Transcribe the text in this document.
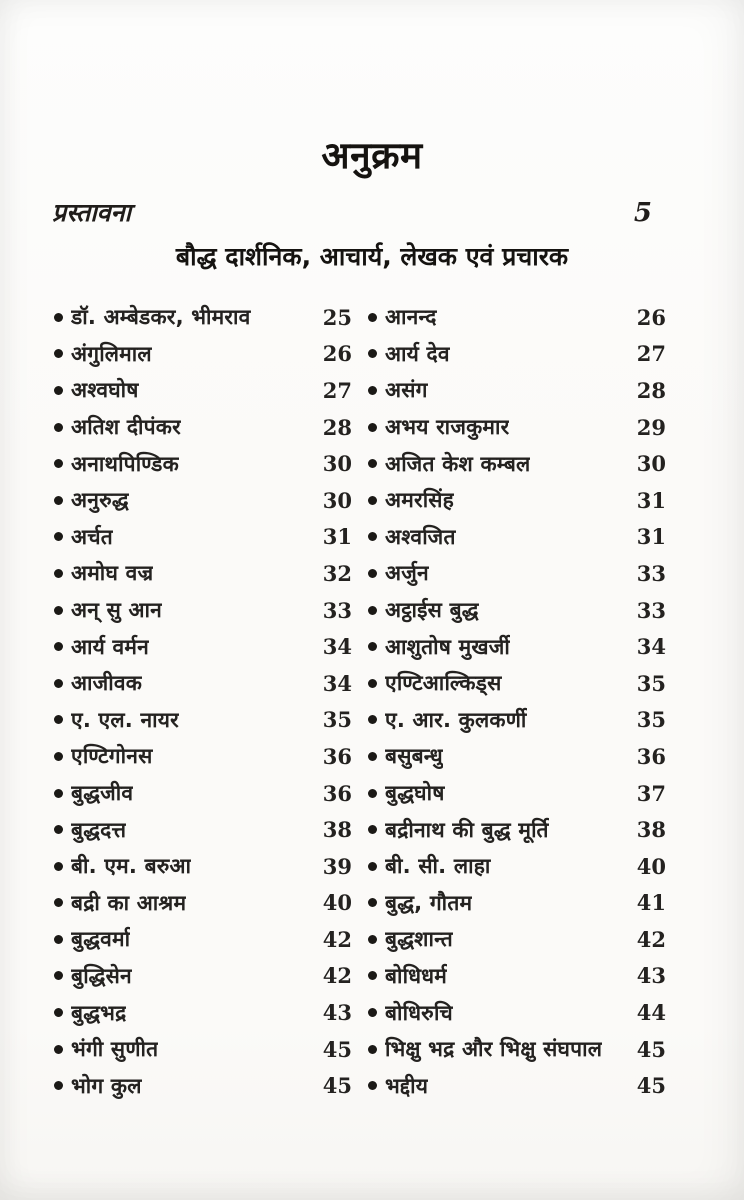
अनुक्रम
प्रस्तावना	5
बौद्ध दार्शनिक, आचार्य, लेखक एवं प्रचारक
डॉ. अम्बेडकर, भीमराव	25
अंगुलिमाल	26
अश्वघोष	27
अतिश दीपंकर	28
अनाथपिण्डिक	30
अनुरुद्ध	30
अर्चत	31
अमोघ वज्र	32
अन् सु आन	33
आर्य वर्मन	34
आजीवक	34
ए. एल. नायर	35
एण्टिगोनस	36
बुद्धजीव	36
बुद्धदत्त	38
बी. एम. बरुआ	39
बद्री का आश्रम	40
बुद्धवर्मा	42
बुद्धिसेन	42
बुद्धभद्र	43
भंगी सुणीत	45
भोग कुल	45
आनन्द	26
आर्य देव	27
असंग	28
अभय राजकुमार	29
अजित केश कम्बल	30
अमरसिंह	31
अश्वजित	31
अर्जुन	33
अट्ठाईस बुद्ध	33
आशुतोष मुखर्जी	34
एण्टिआल्किड्स	35
ए. आर. कुलकर्णी	35
बसुबन्धु	36
बुद्धघोष	37
बद्रीनाथ की बुद्ध मूर्ति	38
बी. सी. लाहा	40
बुद्ध, गौतम	41
बुद्धशान्त	42
बोधिधर्म	43
बोधिरुचि	44
भिक्षु भद्र और भिक्षु संघपाल 45
भद्दीय	45
